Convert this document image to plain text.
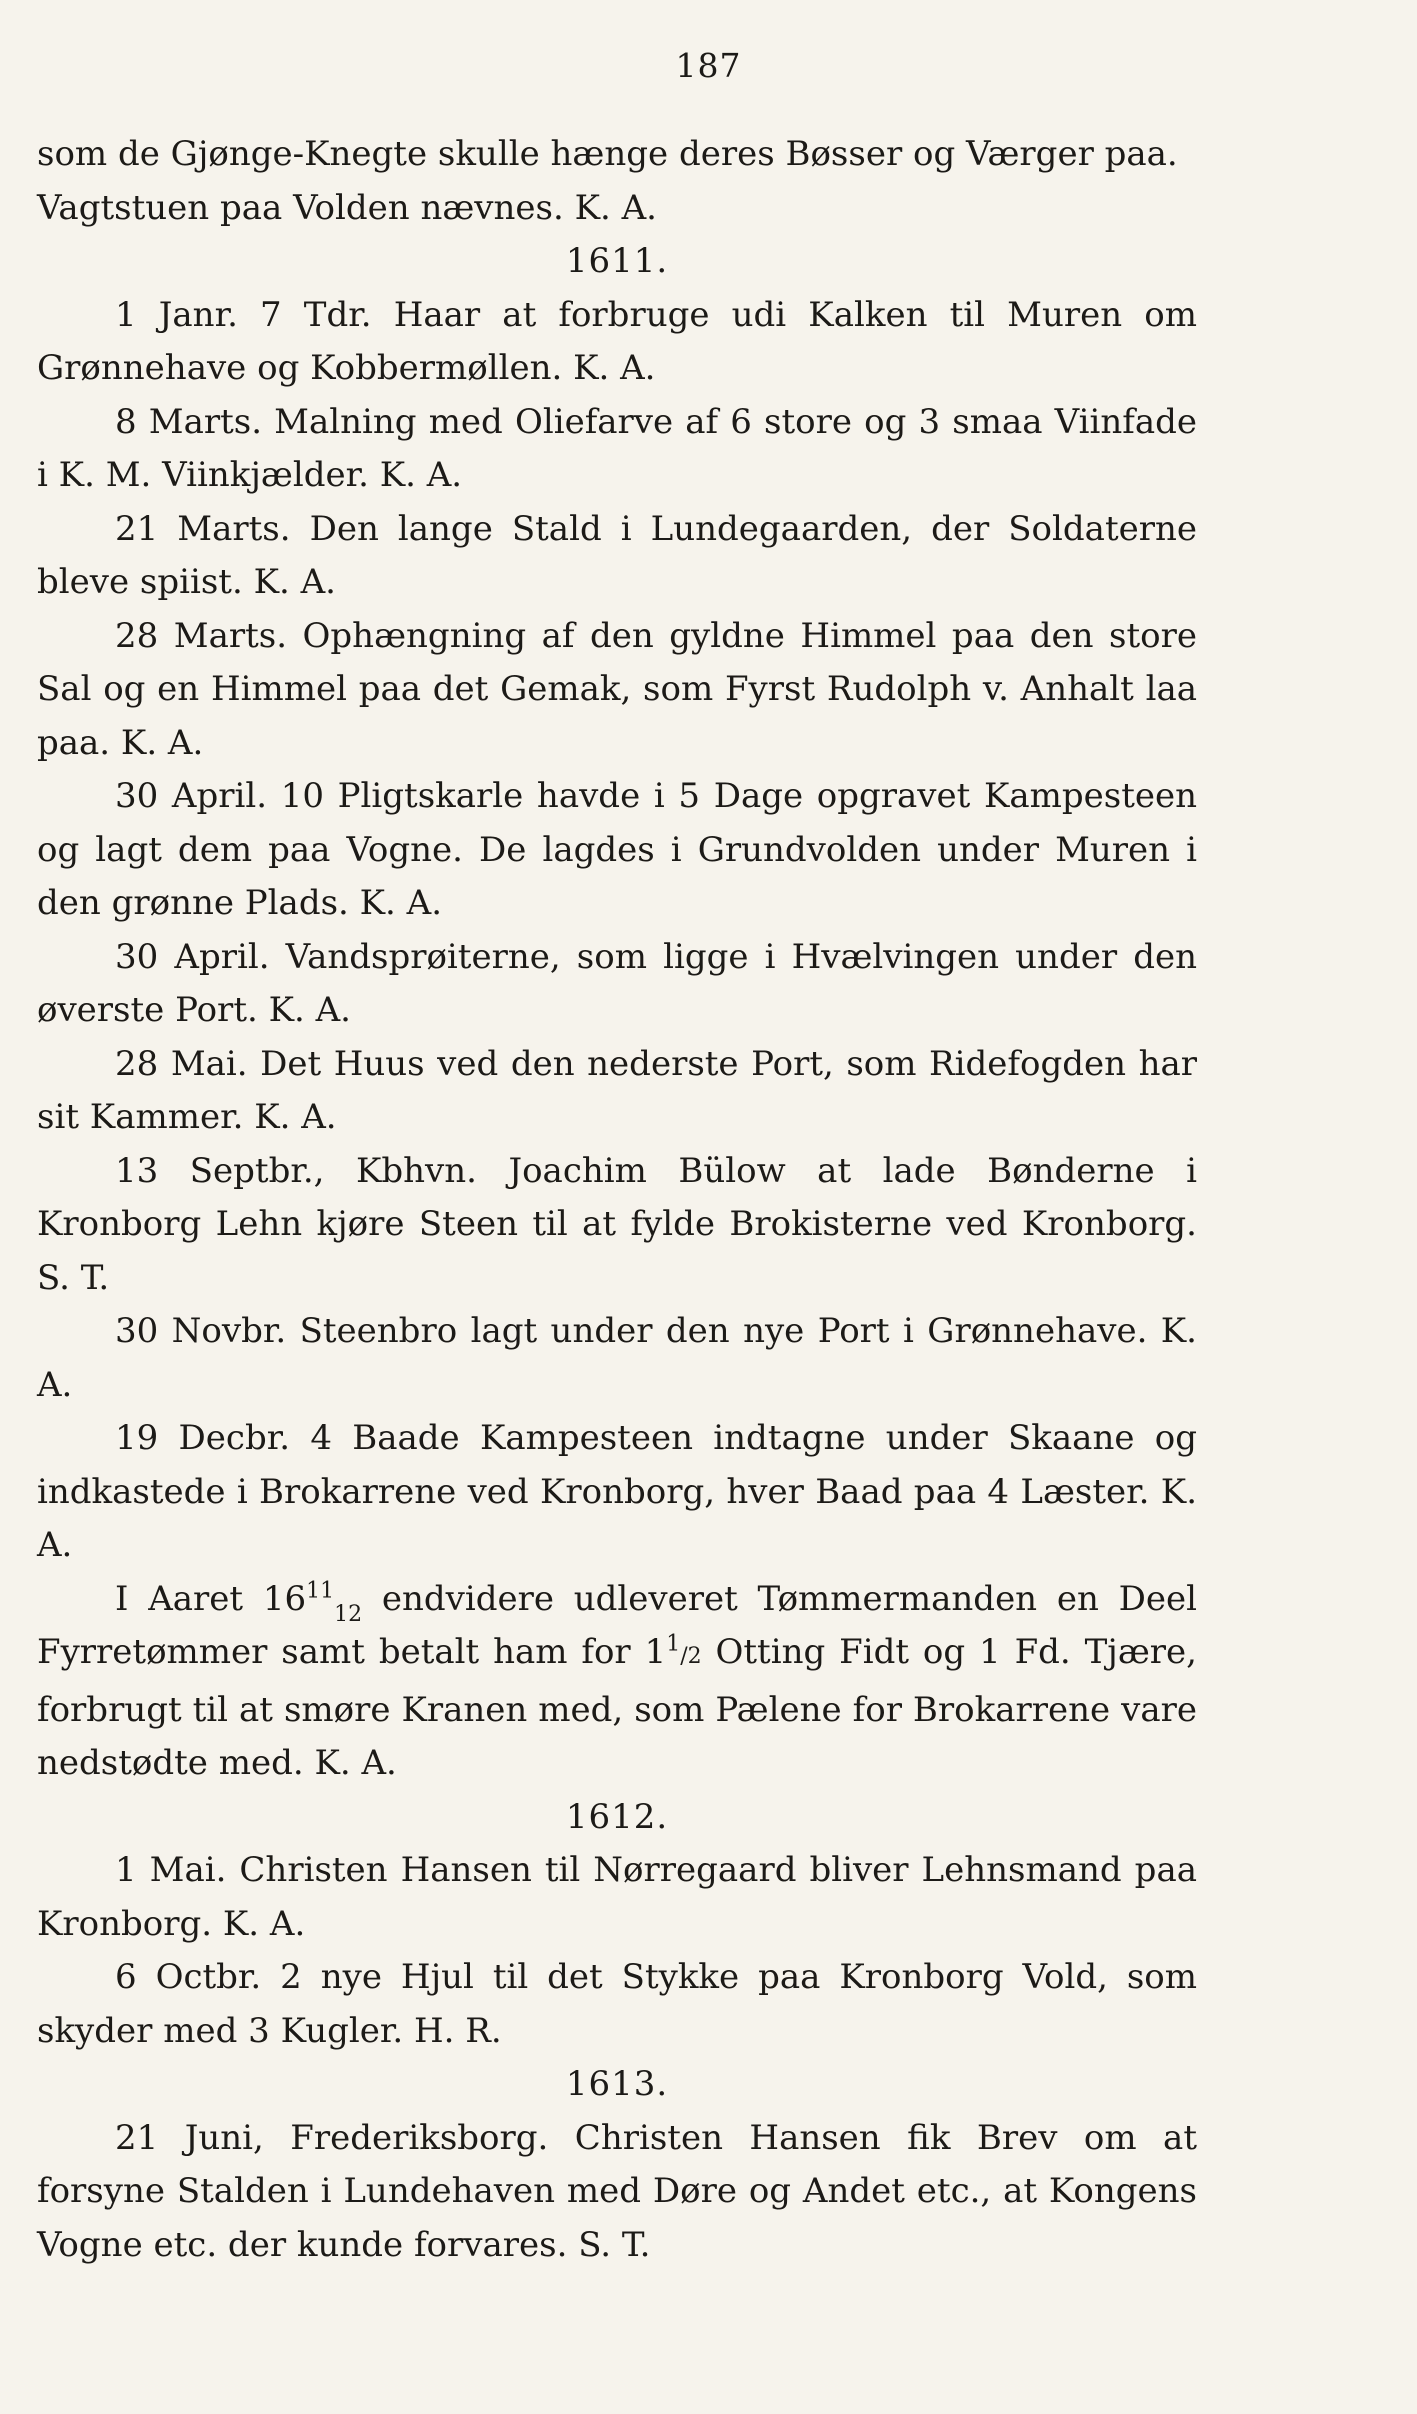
187

som de Gjønge-Knegte skulle hænge deres Bøsser og Værger paa. Vagtstuen paa Volden nævnes. K. A.

1611.

1 Janr. 7 Tdr. Haar at forbruge udi Kalken til Muren om Grønnehave og Kobbermøllen. K. A.

8 Marts. Malning med Oliefarve af 6 store og 3 smaa Viinfade i K. M. Viinkjælder. K. A.

21 Marts. Den lange Stald i Lundegaarden, der Soldaterne bleve spiist. K. A.

28 Marts. Ophængning af den gyldne Himmel paa den store Sal og en Himmel paa det Gemak, som Fyrst Rudolph v. Anhalt laa paa. K. A.

30 April. 10 Pligtskarle havde i 5 Dage opgravet Kampesteen og lagt dem paa Vogne. De lagdes i Grundvolden under Muren i den grønne Plads. K. A.

30 April. Vandsprøiterne, som ligge i Hvælvingen under den øverste Port. K. A.

28 Mai. Det Huus ved den nederste Port, som Ridefogden har sit Kammer. K. A.

13 Septbr., Kbhvn. Joachim Bülow at lade Bønderne i Kronborg Lehn kjøre Steen til at fylde Brokisterne ved Kronborg. S. T.

30 Novbr. Steenbro lagt under den nye Port i Grønnehave. K. A.

19 Decbr. 4 Baade Kampesteen indtagne under Skaane og indkastede i Brokarrene ved Kronborg, hver Baad paa 4 Læster. K. A.

I Aaret $16^{11}_{12}$ endvidere udleveret Tømmermanden en Deel Fyrretømmer samt betalt ham for $1^1/2$ Otting Fidt og 1 Fd. Tjære, forbrugt til at smøre Kranen med, som Pælene for Brokarrene vare nedstødte med. K. A.

1612.

1 Mai. Christen Hansen til Nørregaard bliver Lehnsmand paa Kronborg. K. A.

6 Octbr. 2 nye Hjul til det Stykke paa Kronborg Vold, som skyder med 3 Kugler. H. R.

1613.

21 Juni, Frederiksborg. Christen Hansen fik Brev om at forsyne Stalden i Lundehaven med Døre og Andet etc., at Kongens Vogne etc. der kunde forvares. S. T.
